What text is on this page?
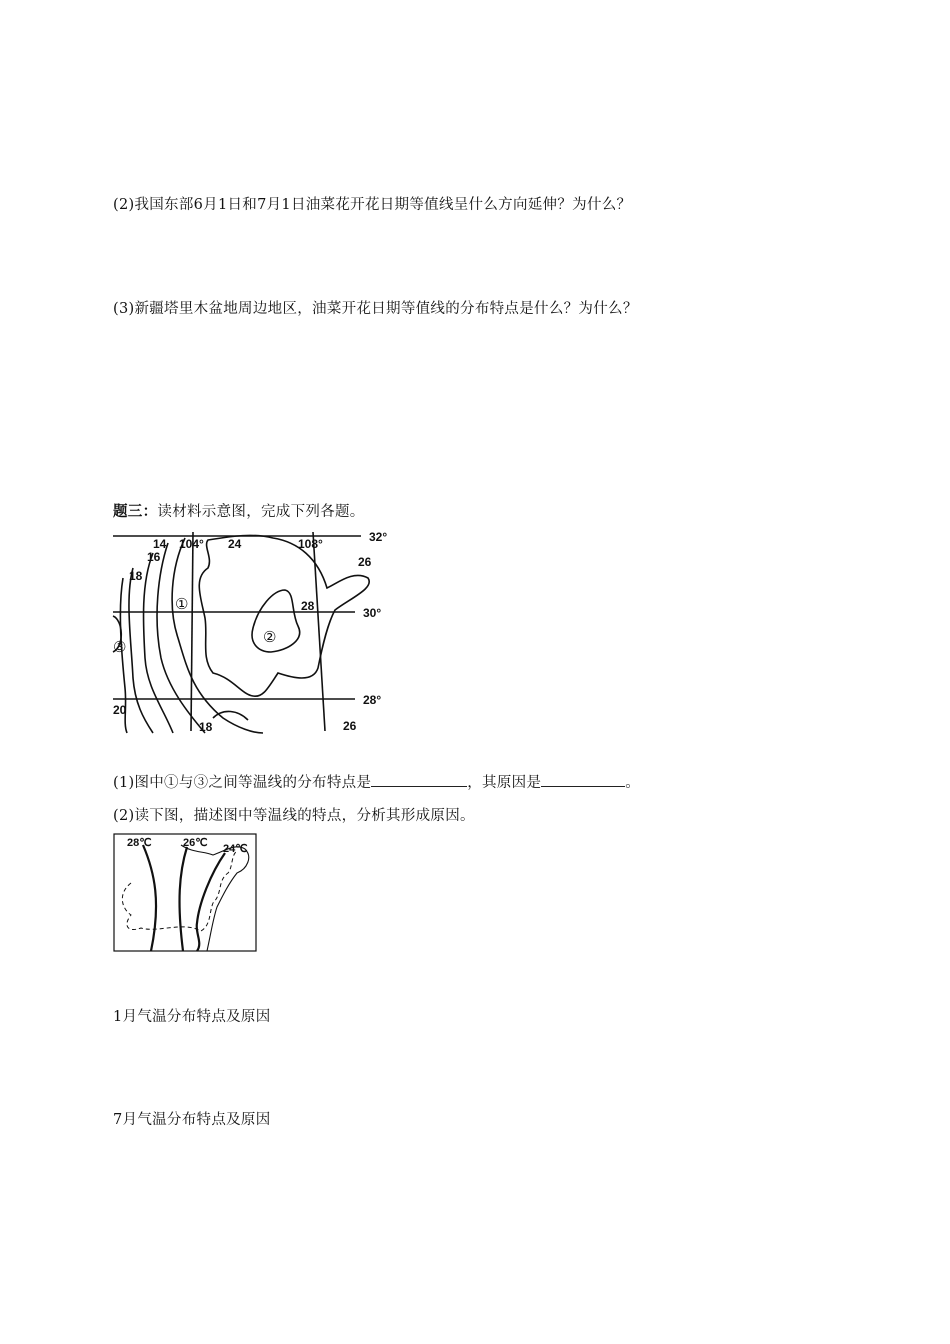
(2)我国东部6月1日和7月1日油菜花开花日期等值线呈什么方向延伸？为什么？
(3)新疆塔里木盆地周边地区，油菜开花日期等值线的分布特点是什么？为什么？
题三：读材料示意图，完成下列各题。
32°
30°
28°
104°	108°
14
16
18
24
26
28
20
18	26
①
②
③
(1)图中①与③之间等温线的分布特点是	，其原因是	。
(2)读下图，描述图中等温线的特点，分析其形成原因。
28℃	26℃ 24℃
1月气温分布特点及原因
7月气温分布特点及原因
